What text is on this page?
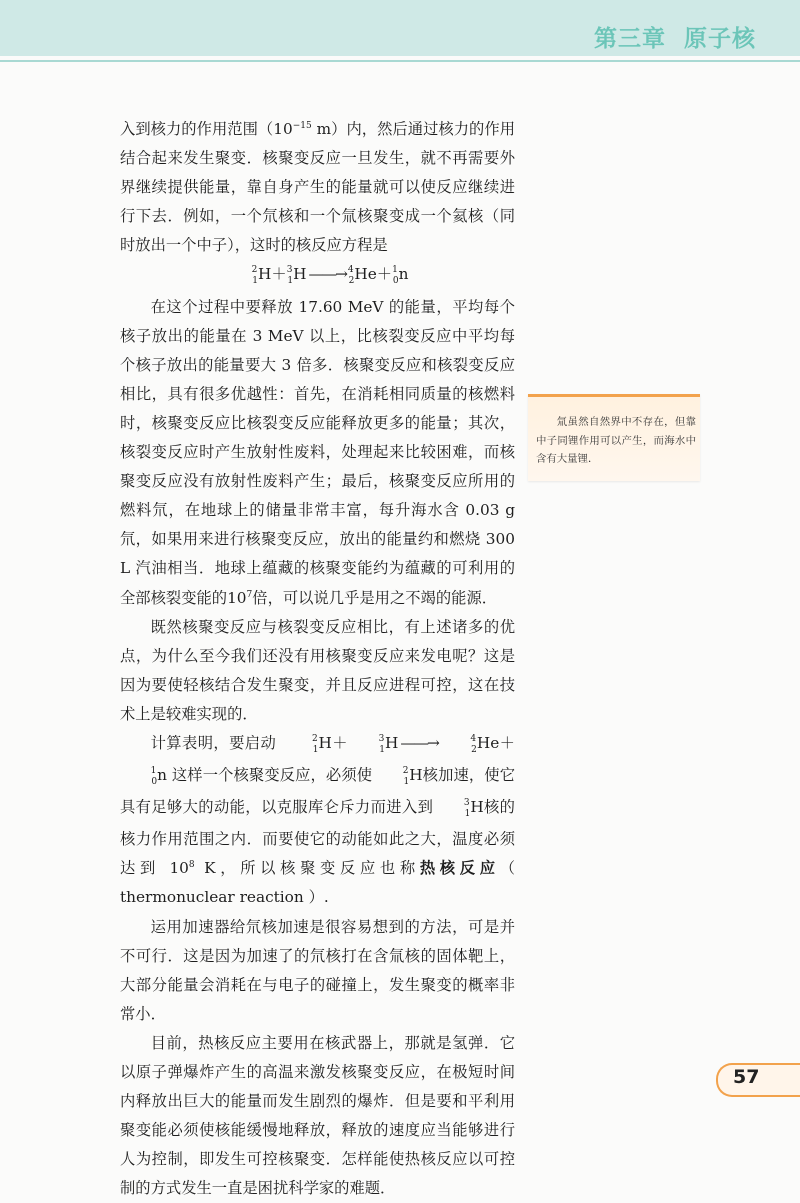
第三章 原子核

入到核力的作用范围（$10^{-15}$ m）内，然后通过核力的作用结合起来发生聚变．核聚变反应一旦发生，就不再需要外界继续提供能量，靠自身产生的能量就可以使反应继续进行下去．例如，一个氘核和一个氚核聚变成一个氦核（同时放出一个中子），这时的核反应方程是

$^2_1$H＋$^3_1$H ——→ $^4_2$He＋$^1_0$n

在这个过程中要释放 17.60 MeV 的能量，平均每个核子放出的能量在 3 MeV 以上，比核裂变反应中平均每个核子放出的能量要大 3 倍多．核聚变反应和核裂变反应相比，具有很多优越性：首先，在消耗相同质量的核燃料时，核聚变反应比核裂变反应能释放更多的能量；其次，核裂变反应时产生放射性废料，处理起来比较困难，而核聚变反应没有放射性废料产生；最后，核聚变反应所用的燃料氘，在地球上的储量非常丰富，每升海水含 0.03 g 氘，如果用来进行核聚变反应，放出的能量约和燃烧 300 L 汽油相当．地球上蕴藏的核聚变能约为蕴藏的可利用的全部核裂变能的$10^7$倍，可以说几乎是用之不竭的能源．

既然核聚变反应与核裂变反应相比，有上述诸多的优点，为什么至今我们还没有用核聚变反应来发电呢？这是因为要使轻核结合发生聚变，并且反应进程可控，这在技术上是较难实现的．

计算表明，要启动	$^2_1$H＋	$^3_1$H ——→	$^4_2$He＋$^1_0$n 这样一个核聚变反应，必须使	$^2_1$H核加速，使它具有足够大的动能，以克服库仑斥力而进入到	$^3_1$H核的核力作用范围之内．而要使它的动能如此之大，温度必须达到 $10^8$ K，所以核聚变反应也称热核反应（ thermonuclear reaction ）.

运用加速器给氘核加速是很容易想到的方法，可是并不可行．这是因为加速了的氘核打在含氚核的固体靶上，大部分能量会消耗在与电子的碰撞上，发生聚变的概率非常小．

目前，热核反应主要用在核武器上，那就是氢弹．它以原子弹爆炸产生的高温来激发核聚变反应，在极短时间内释放出巨大的能量而发生剧烈的爆炸．但是要和平利用聚变能必须使核能缓慢地释放，释放的速度应当能够进行人为控制，即发生可控核聚变．怎样能使热核反应以可控制的方式发生一直是困扰科学家的难题．

氚虽然自然界中不存在，但靠中子同锂作用可以产生，而海水中含有大量锂．
57
